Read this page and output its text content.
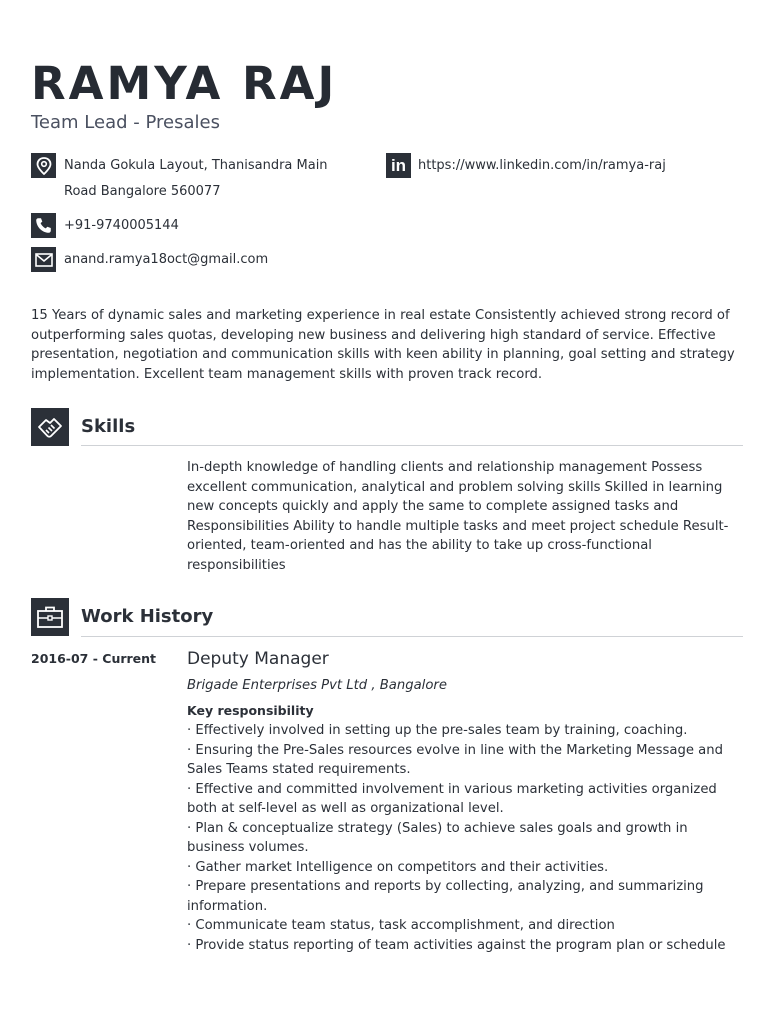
RAMYA RAJ
Team Lead - Presales
Nanda Gokula Layout, Thanisandra Main
Road Bangalore 560077
in https://www.linkedin.com/in/ramya-raj
+91-9740005144
anand.ramya18oct@gmail.com
15 Years of dynamic sales and marketing experience in real estate Consistently achieved strong record of outperforming sales quotas, developing new business and delivering high standard of service. Effective presentation, negotiation and communication skills with keen ability in planning, goal setting and strategy implementation. Excellent team management skills with proven track record.
Skills
In-depth knowledge of handling clients and relationship management Possess excellent communication, analytical and problem solving skills Skilled in learning new concepts quickly and apply the same to complete assigned tasks and Responsibilities Ability to handle multiple tasks and meet project schedule Result-oriented, team-oriented and has the ability to take up cross-functional responsibilities
Work History
2016-07 - Current Deputy Manager
Brigade Enterprises Pvt Ltd , Bangalore
Key responsibility
· Effectively involved in setting up the pre-sales team by training, coaching.
· Ensuring the Pre-Sales resources evolve in line with the Marketing Message and Sales Teams stated requirements.
· Effective and committed involvement in various marketing activities organized both at self-level as well as organizational level.
· Plan & conceptualize strategy (Sales) to achieve sales goals and growth in business volumes.
· Gather market Intelligence on competitors and their activities.
· Prepare presentations and reports by collecting, analyzing, and summarizing information.
· Communicate team status, task accomplishment, and direction
· Provide status reporting of team activities against the program plan or schedule
